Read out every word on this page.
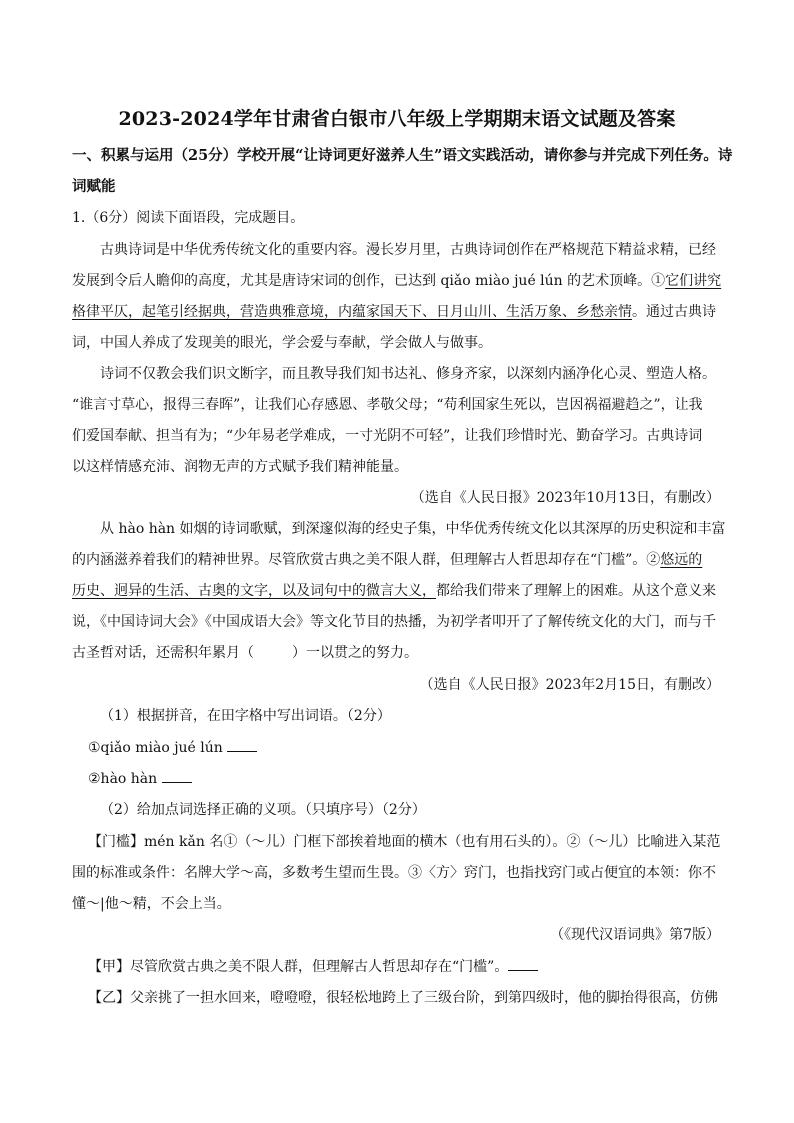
2023-2024学年甘肃省白银市八年级上学期期末语文试题及答案
一、积累与运用（25分）学校开展“让诗词更好滋养人生”语文实践活动，请你参与并完成下列任务。诗
词赋能
1.（6分）阅读下面语段，完成题目。
古典诗词是中华优秀传统文化的重要内容。漫长岁月里，古典诗词创作在严格规范下精益求精，已经
发展到令后人瞻仰的高度，尤其是唐诗宋词的创作，已达到 qiǎo miào jué lún 的艺术顶峰。①它们讲究
格律平仄，起笔引经据典，营造典雅意境，内蕴家国天下、日月山川、生活万象、乡愁亲情。通过古典诗
词，中国人养成了发现美的眼光，学会爱与奉献，学会做人与做事。
诗词不仅教会我们识文断字，而且教导我们知书达礼、修身齐家，以深刻内涵净化心灵、塑造人格。
“谁言寸草心，报得三春晖”，让我们心存感恩、孝敬父母；“苟利国家生死以，岂因祸福避趋之”，让我
们爱国奉献、担当有为；“少年易老学难成，一寸光阴不可轻”，让我们珍惜时光、勤奋学习。古典诗词
以这样情感充沛、润物无声的方式赋予我们精神能量。
（选自《人民日报》2023年10月13日，有删改）
从 hào hàn 如烟的诗词歌赋，到深邃似海的经史子集，中华优秀传统文化以其深厚的历史积淀和丰富
的内涵滋养着我们的精神世界。尽管欣赏古典之美不限人群，但理解古人哲思却存在“门槛”。②悠远的
历史、迥异的生活、古奥的文字，以及词句中的微言大义，都给我们带来了理解上的困难。从这个意义来
说，《中国诗词大会》《中国成语大会》等文化节目的热播，为初学者叩开了了解传统文化的大门，而与千
古圣哲对话，还需积年累月（	）一以贯之的努力。
（选自《人民日报》2023年2月15日，有删改）
（1）根据拼音，在田字格中写出词语。（2分）
①qiǎo miào jué lún
②hào hàn
（2）给加点词选择正确的义项。（只填序号）（2分）
【门槛】mén kǎn 名①（～儿）门框下部挨着地面的横木（也有用石头的）。②（～儿）比喻进入某范
围的标准或条件：名牌大学～高，多数考生望而生畏。③〈方〉窍门，也指找窍门或占便宜的本领：你不
懂～|他～精，不会上当。
（《现代汉语词典》第7版）
【甲】尽管欣赏古典之美不限人群，但理解古人哲思却存在“门槛”。
【乙】父亲挑了一担水回来，噔噔噔，很轻松地跨上了三级台阶，到第四级时，他的脚抬得很高，仿佛
